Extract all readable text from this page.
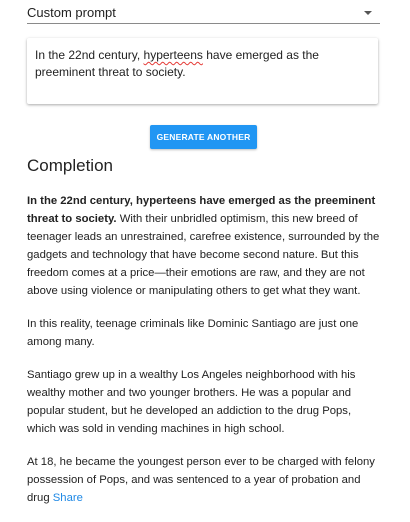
Custom prompt
In the 22nd century, hyperteens have emerged as the preeminent threat to society.
GENERATE ANOTHER
Completion

In the 22nd century, hyperteens have emerged as the preeminent threat to society. With their unbridled optimism, this new breed of teenager leads an unrestrained, carefree existence, surrounded by the gadgets and technology that have become second nature. But this freedom comes at a price—their emotions are raw, and they are not above using violence or manipulating others to get what they want.

In this reality, teenage criminals like Dominic Santiago are just one among many.

Santiago grew up in a wealthy Los Angeles neighborhood with his wealthy mother and two younger brothers. He was a popular and popular student, but he developed an addiction to the drug Pops, which was sold in vending machines in high school.

At 18, he became the youngest person ever to be charged with felony possession of Pops, and was sentenced to a year of probation and drug Share
